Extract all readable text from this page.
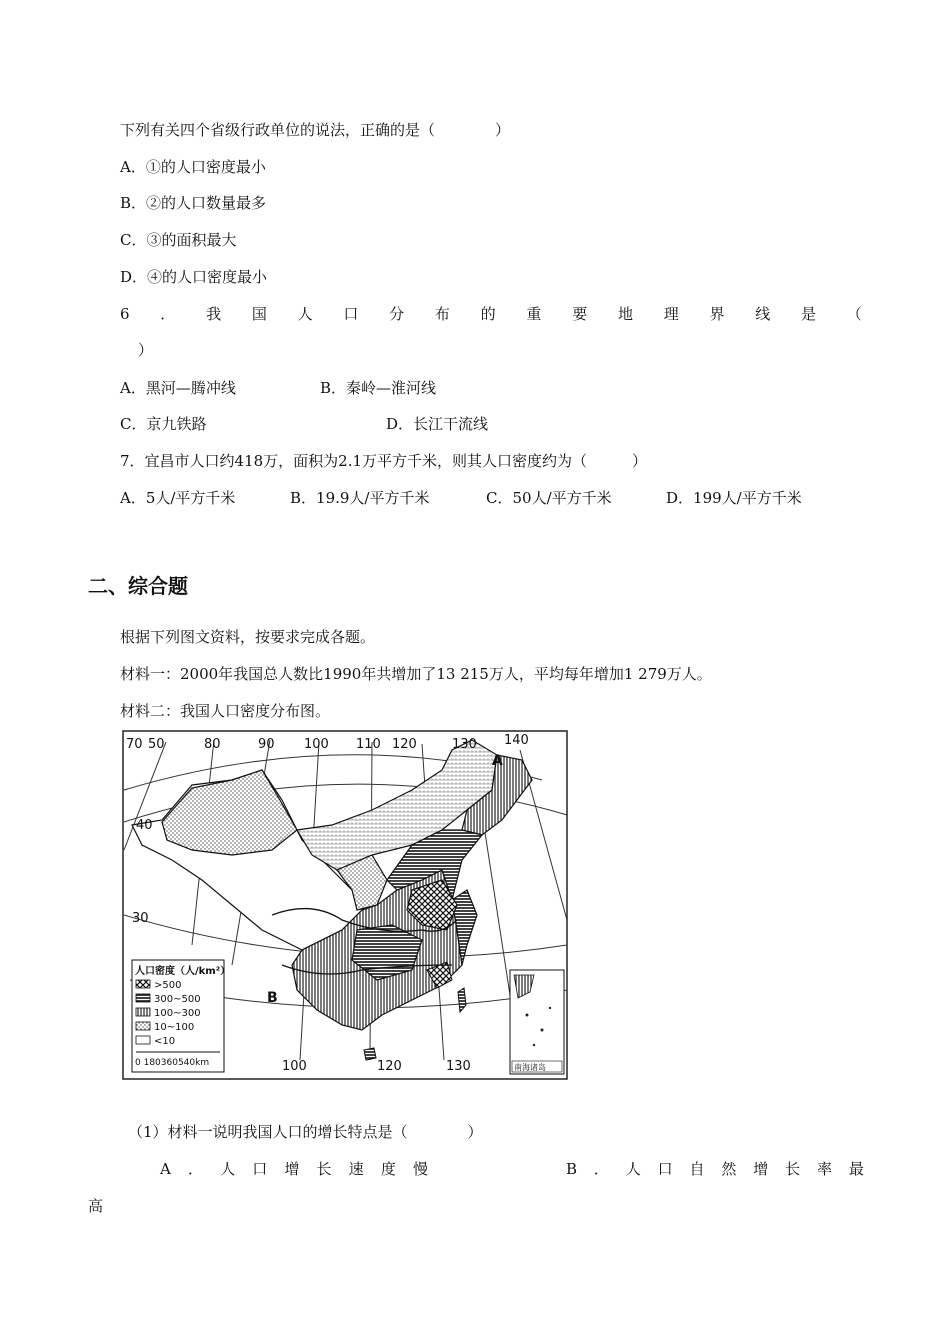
下列有关四个省级行政单位的说法，正确的是（　　　　）
A．①的人口密度最小
B．②的人口数量最多
C．③的面积最大
D．④的人口密度最小
6 ． 我 国 人 口 分 布 的 重 要 地 理 界 线 是 （
）
A．黑河—腾冲线	B．秦岭—淮河线
C．京九铁路	D．长江干流线
7．宜昌市人口约418万，面积为2.1万平方千米，则其人口密度约为（　　　）
A．5人/平方千米	B．19.9人/平方千米	C．50人/平方千米	D．199人/平方千米
二、综合题
根据下列图文资料，按要求完成各题。
材料一：2000年我国总人数比1990年共增加了13 215万人，平均每年增加1 279万人。
材料二：我国人口密度分布图。
70 50	80	90 100 110 120	130 140
40
30
100	120	130
A
B
人口密度（人/km²）
>500
300~500
100~300
10~100
<10
0 180360540km	南海诸岛
（1）材料一说明我国人口的增长特点是（　　　　）
A ． 人 口 增 长 速 度 慢	B ． 人 口 自 然 增 长 率 最
高
